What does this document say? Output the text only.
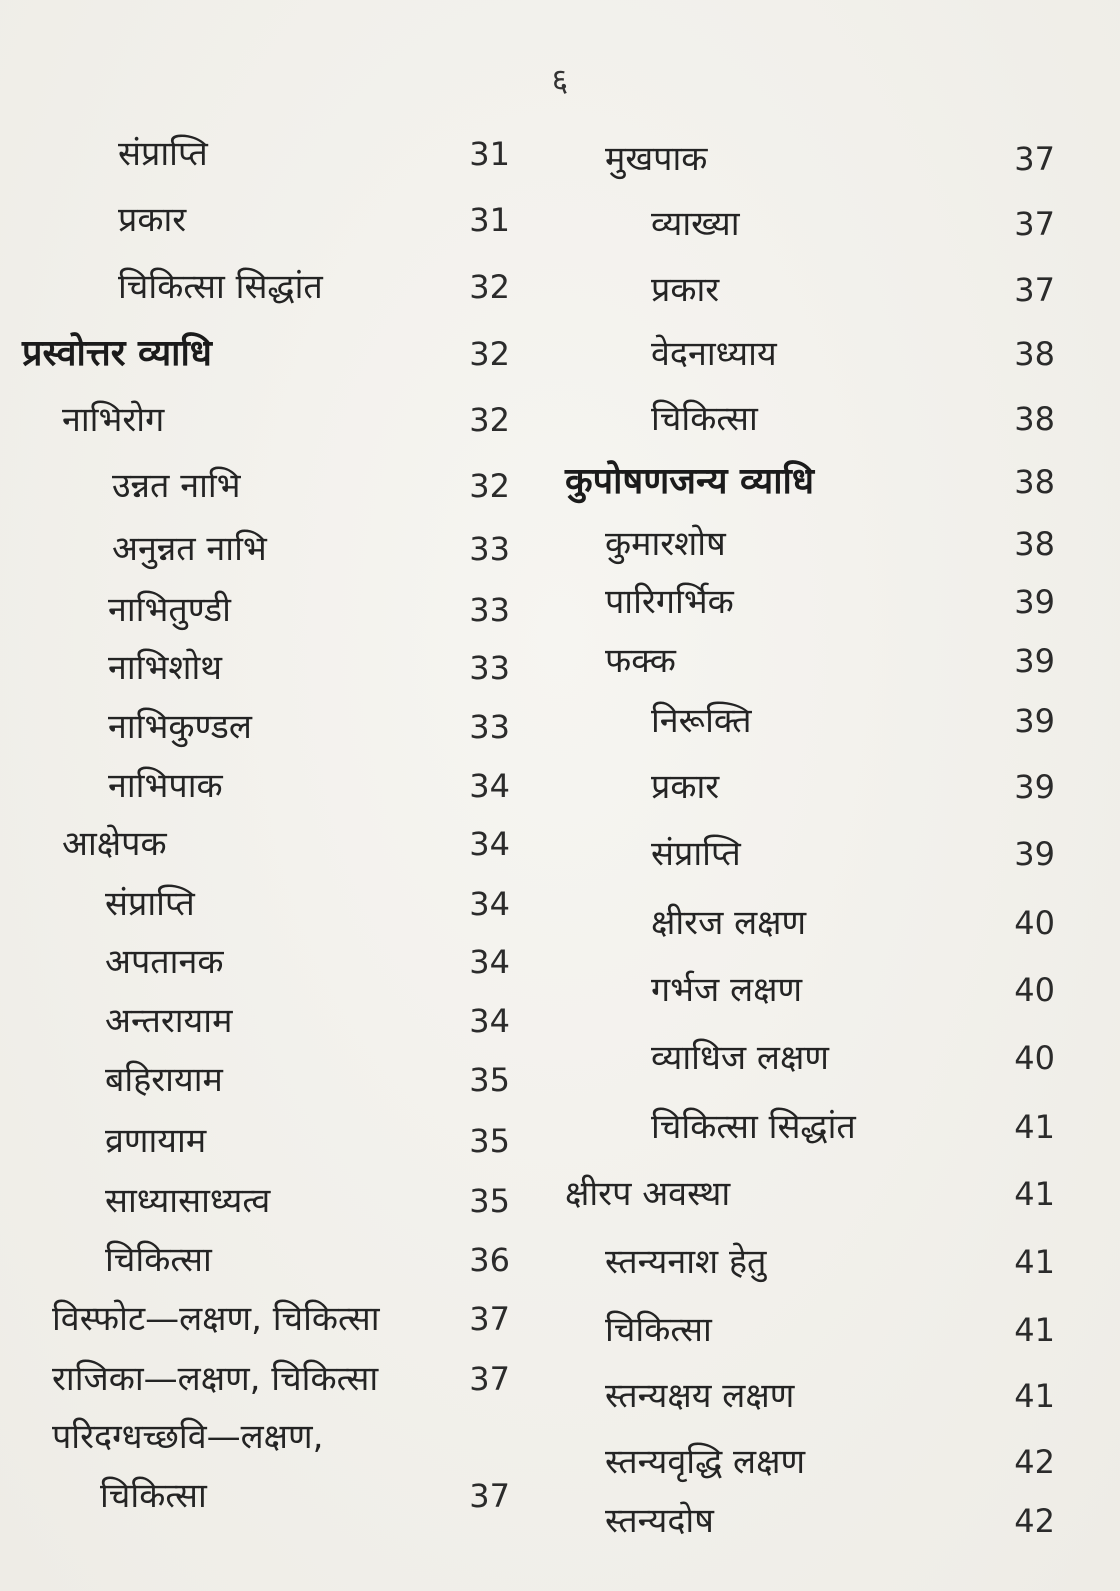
६
संप्राप्ति	31
प्रकार	31
चिकित्सा सिद्धांत	32
प्रस्वोत्तर व्याधि	32
नाभिरोग	32
उन्नत नाभि	32
अनुन्नत नाभि	33
नाभितुण्डी	33
नाभिशोथ	33
नाभिकुण्डल	33
नाभिपाक	34
आक्षेपक	34
संप्राप्ति	34
अपतानक	34
अन्तरायाम	34
बहिरायाम	35
व्रणायाम	35
साध्यासाध्यत्व	35
चिकित्सा	36
विस्फोट—लक्षण, चिकित्सा	37
राजिका—लक्षण, चिकित्सा	37
परिदग्धच्छवि—लक्षण,
चिकित्सा	37
मुखपाक	37
व्याख्या	37
प्रकार	37
वेदनाध्याय	38
चिकित्सा	38
कुपोषणजन्य व्याधि	38
कुमारशोष	38
पारिगर्भिक	39
फक्क	39
निरूक्ति	39
प्रकार	39
संप्राप्ति	39
क्षीरज लक्षण	40
गर्भज लक्षण	40
व्याधिज लक्षण	40
चिकित्सा सिद्धांत	41
क्षीरप अवस्था	41
स्तन्यनाश हेतु	41
चिकित्सा	41
स्तन्यक्षय लक्षण	41
स्तन्यवृद्धि लक्षण	42
स्तन्यदोष	42
